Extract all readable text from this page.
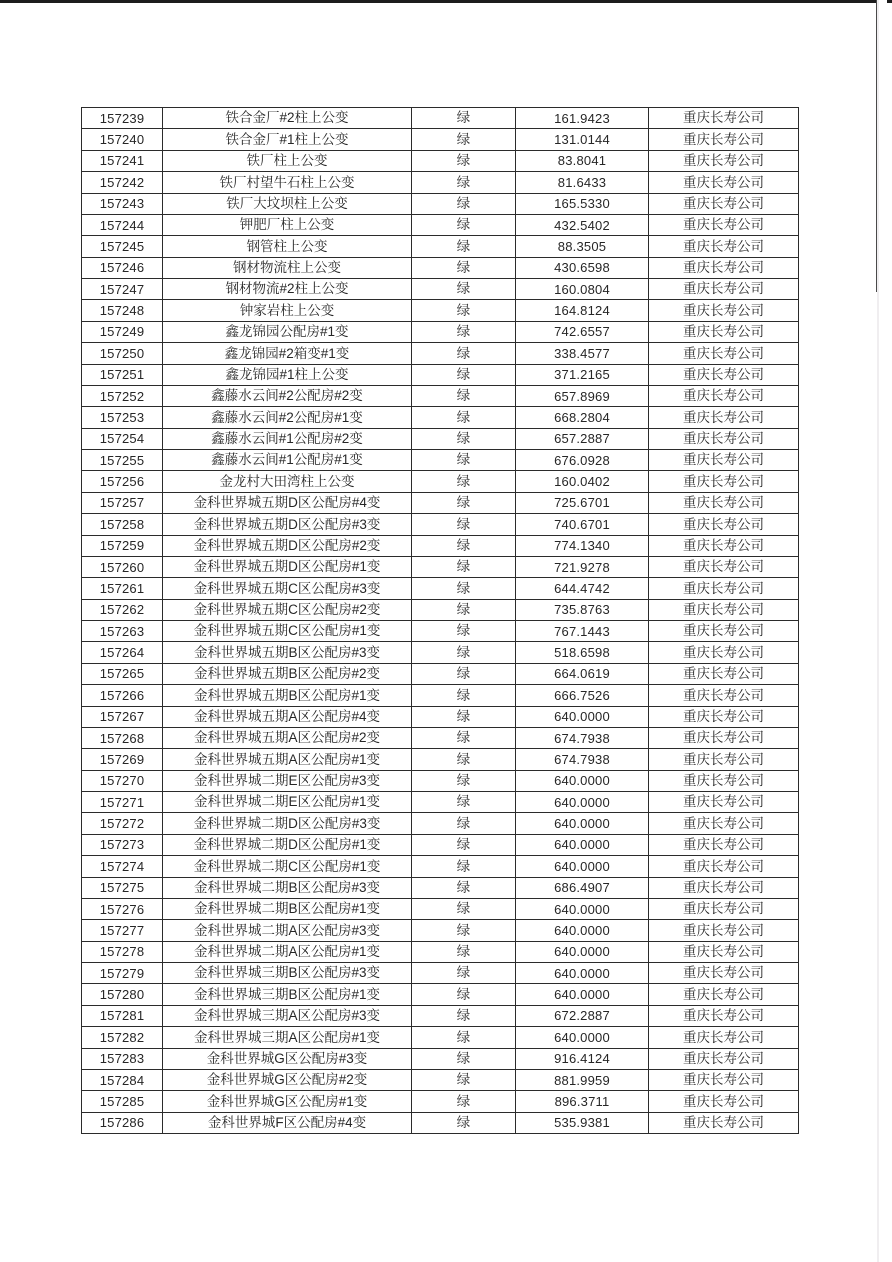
157239	铁合金厂#2柱上公变	绿	161.9423	重庆长寿公司
157240	铁合金厂#1柱上公变	绿	131.0144	重庆长寿公司
157241	铁厂柱上公变	绿	83.8041	重庆长寿公司
157242	铁厂村望牛石柱上公变	绿	81.6433	重庆长寿公司
157243	铁厂大坟坝柱上公变	绿	165.5330	重庆长寿公司
157244	钾肥厂柱上公变	绿	432.5402	重庆长寿公司
157245	钢管柱上公变	绿	88.3505	重庆长寿公司
157246	钢材物流柱上公变	绿	430.6598	重庆长寿公司
157247	钢材物流#2柱上公变	绿	160.0804	重庆长寿公司
157248	钟家岩柱上公变	绿	164.8124	重庆长寿公司
157249	鑫龙锦园公配房#1变	绿	742.6557	重庆长寿公司
157250	鑫龙锦园#2箱变#1变	绿	338.4577	重庆长寿公司
157251	鑫龙锦园#1柱上公变	绿	371.2165	重庆长寿公司
157252	鑫藤水云间#2公配房#2变	绿	657.8969	重庆长寿公司
157253	鑫藤水云间#2公配房#1变	绿	668.2804	重庆长寿公司
157254	鑫藤水云间#1公配房#2变	绿	657.2887	重庆长寿公司
157255	鑫藤水云间#1公配房#1变	绿	676.0928	重庆长寿公司
157256	金龙村大田湾柱上公变	绿	160.0402	重庆长寿公司
157257	金科世界城五期D区公配房#4变	绿	725.6701	重庆长寿公司
157258	金科世界城五期D区公配房#3变	绿	740.6701	重庆长寿公司
157259	金科世界城五期D区公配房#2变	绿	774.1340	重庆长寿公司
157260	金科世界城五期D区公配房#1变	绿	721.9278	重庆长寿公司
157261	金科世界城五期C区公配房#3变	绿	644.4742	重庆长寿公司
157262	金科世界城五期C区公配房#2变	绿	735.8763	重庆长寿公司
157263	金科世界城五期C区公配房#1变	绿	767.1443	重庆长寿公司
157264	金科世界城五期B区公配房#3变	绿	518.6598	重庆长寿公司
157265	金科世界城五期B区公配房#2变	绿	664.0619	重庆长寿公司
157266	金科世界城五期B区公配房#1变	绿	666.7526	重庆长寿公司
157267	金科世界城五期A区公配房#4变	绿	640.0000	重庆长寿公司
157268	金科世界城五期A区公配房#2变	绿	674.7938	重庆长寿公司
157269	金科世界城五期A区公配房#1变	绿	674.7938	重庆长寿公司
157270	金科世界城二期E区公配房#3变	绿	640.0000	重庆长寿公司
157271	金科世界城二期E区公配房#1变	绿	640.0000	重庆长寿公司
157272	金科世界城二期D区公配房#3变	绿	640.0000	重庆长寿公司
157273	金科世界城二期D区公配房#1变	绿	640.0000	重庆长寿公司
157274	金科世界城二期C区公配房#1变	绿	640.0000	重庆长寿公司
157275	金科世界城二期B区公配房#3变	绿	686.4907	重庆长寿公司
157276	金科世界城二期B区公配房#1变	绿	640.0000	重庆长寿公司
157277	金科世界城二期A区公配房#3变	绿	640.0000	重庆长寿公司
157278	金科世界城二期A区公配房#1变	绿	640.0000	重庆长寿公司
157279	金科世界城三期B区公配房#3变	绿	640.0000	重庆长寿公司
157280	金科世界城三期B区公配房#1变	绿	640.0000	重庆长寿公司
157281	金科世界城三期A区公配房#3变	绿	672.2887	重庆长寿公司
157282	金科世界城三期A区公配房#1变	绿	640.0000	重庆长寿公司
157283	金科世界城G区公配房#3变	绿	916.4124	重庆长寿公司
157284	金科世界城G区公配房#2变	绿	881.9959	重庆长寿公司
157285	金科世界城G区公配房#1变	绿	896.3711	重庆长寿公司
157286	金科世界城F区公配房#4变	绿	535.9381	重庆长寿公司
